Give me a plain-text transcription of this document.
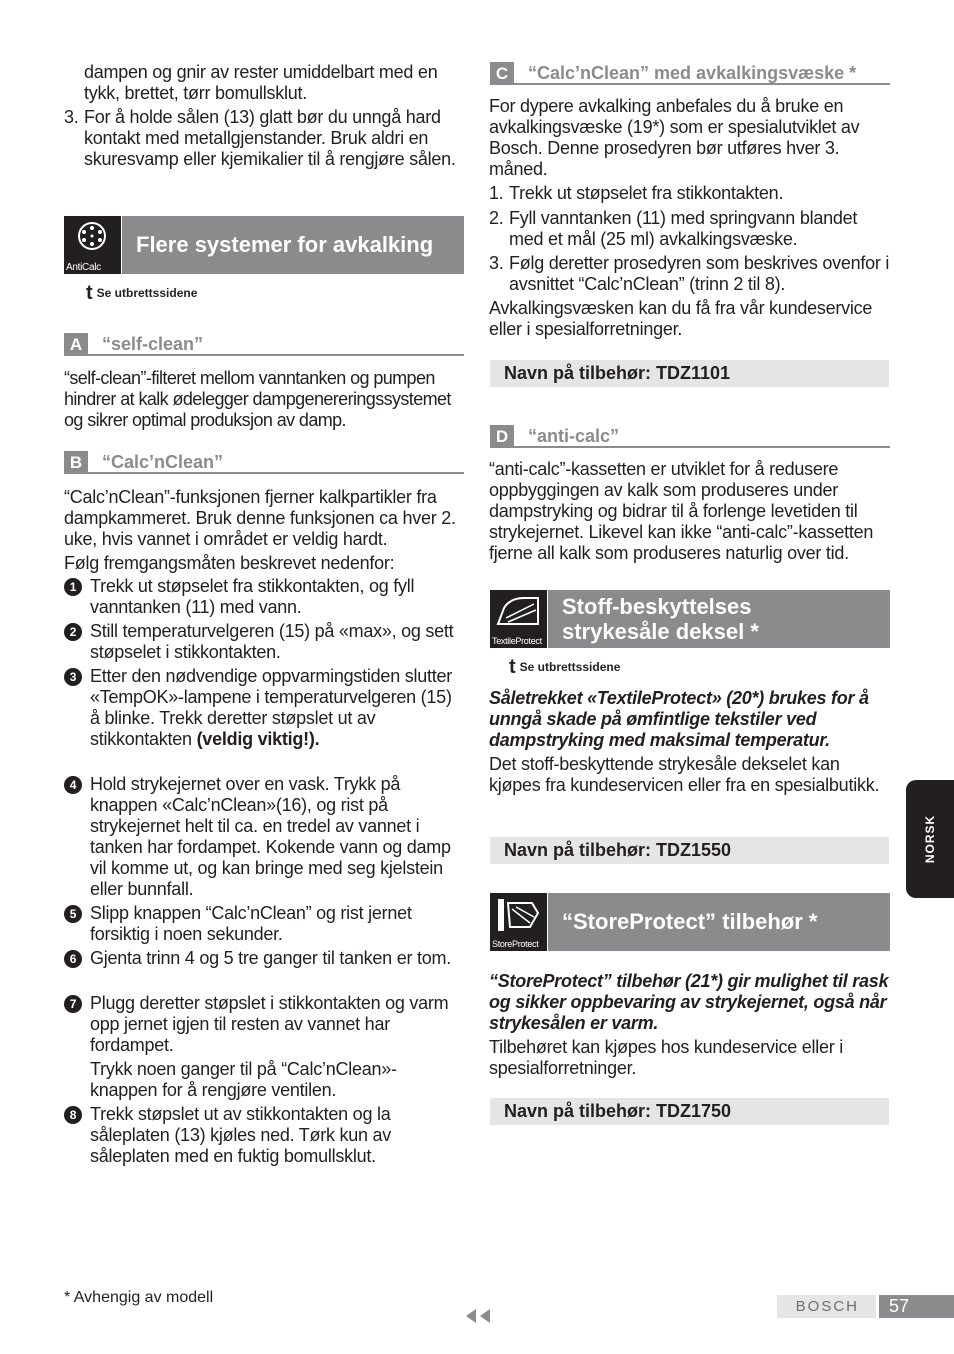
dampen og gnir av rester umiddelbart med en tykk, brettet, tørr bomullsklut.
3. For å holde sålen (13) glatt bør du unngå hard kontakt med metallgjenstander. Bruk aldri en skuresvamp eller kjemikalier til å rengjøre sålen.
AntiCalc
Flere systemer for avkalking
t Se utbrettssidene
A	“self-clean”
“self-clean”-filteret mellom vanntanken og pumpen hindrer at kalk ødelegger dampgenereringssystemet og sikrer optimal produksjon av damp.
B	“Calc’nClean”
“Calc’nClean”-funksjonen fjerner kalkpartikler fra dampkammeret. Bruk denne funksjonen ca hver 2. uke, hvis vannet i området er veldig hardt.
Følg fremgangsmåten beskrevet nedenfor:
1 Trekk ut støpselet fra stikkontakten, og fyll vanntanken (11) med vann.
2 Still temperaturvelgeren (15) på «max», og sett støpselet i stikkontakten.
3 Etter den nødvendige oppvarmingstiden slutter «TempOK»-lampene i temperaturvelgeren (15) å blinke. Trekk deretter støpslet ut av stikkontakten (veldig viktig!).
4 Hold strykejernet over en vask. Trykk på knappen «Calc’nClean»(16), og rist på strykejernet helt til ca. en tredel av vannet i tanken har fordampet. Kokende vann og damp vil komme ut, og kan bringe med seg kjelstein eller bunnfall.
5 Slipp knappen “Calc’nClean” og rist jernet forsiktig i noen sekunder.
6 Gjenta trinn 4 og 5 tre ganger til tanken er tom.
7 Plugg deretter støpslet i stikkontakten og varm opp jernet igjen til resten av vannet har fordampet.
Trykk noen ganger til på “Calc’nClean»-knappen for å rengjøre ventilen.
8 Trekk støpslet ut av stikkontakten og la såleplaten (13) kjøles ned. Tørk kun av såleplaten med en fuktig bomullsklut.
C	“Calc’nClean” med avkalkingsvæske *
For dypere avkalking anbefales du å bruke en avkalkingsvæske (19*) som er spesialutviklet av Bosch. Denne prosedyren bør utføres hver 3. måned.
1. Trekk ut støpselet fra stikkontakten.
2. Fyll vanntanken (11) med springvann blandet med et mål (25 ml) avkalkingsvæske.
3. Følg deretter prosedyren som beskrives ovenfor i avsnittet “Calc’nClean” (trinn 2 til 8).
Avkalkingsvæsken kan du få fra vår kundeservice eller i spesialforretninger.
Navn på tilbehør: TDZ1101
D	“anti-calc”
“anti-calc”-kassetten er utviklet for å redusere oppbyggingen av kalk som produseres under dampstryking og bidrar til å forlenge levetiden til strykejernet. Likevel kan ikke “anti-calc”-kassetten fjerne all kalk som produseres naturlig over tid.
TextileProtect
Stoff-beskyttelses
strykesåle deksel *
t Se utbrettssidene
Såletrekket «TextileProtect» (20*) brukes for å unngå skade på ømfintlige tekstiler ved dampstryking med maksimal temperatur.
Det stoff-beskyttende strykesåle dekselet kan kjøpes fra kundeservicen eller fra en spesialbutikk.
Navn på tilbehør: TDZ1550
StoreProtect
“StoreProtect” tilbehør *
“StoreProtect” tilbehør (21*) gir mulighet til rask og sikker oppbevaring av strykejernet, også når strykesålen er varm.
Tilbehøret kan kjøpes hos kundeservice eller i spesialforretninger.
Navn på tilbehør: TDZ1750
NORSK
* Avhengig av modell
BOSCH	57
